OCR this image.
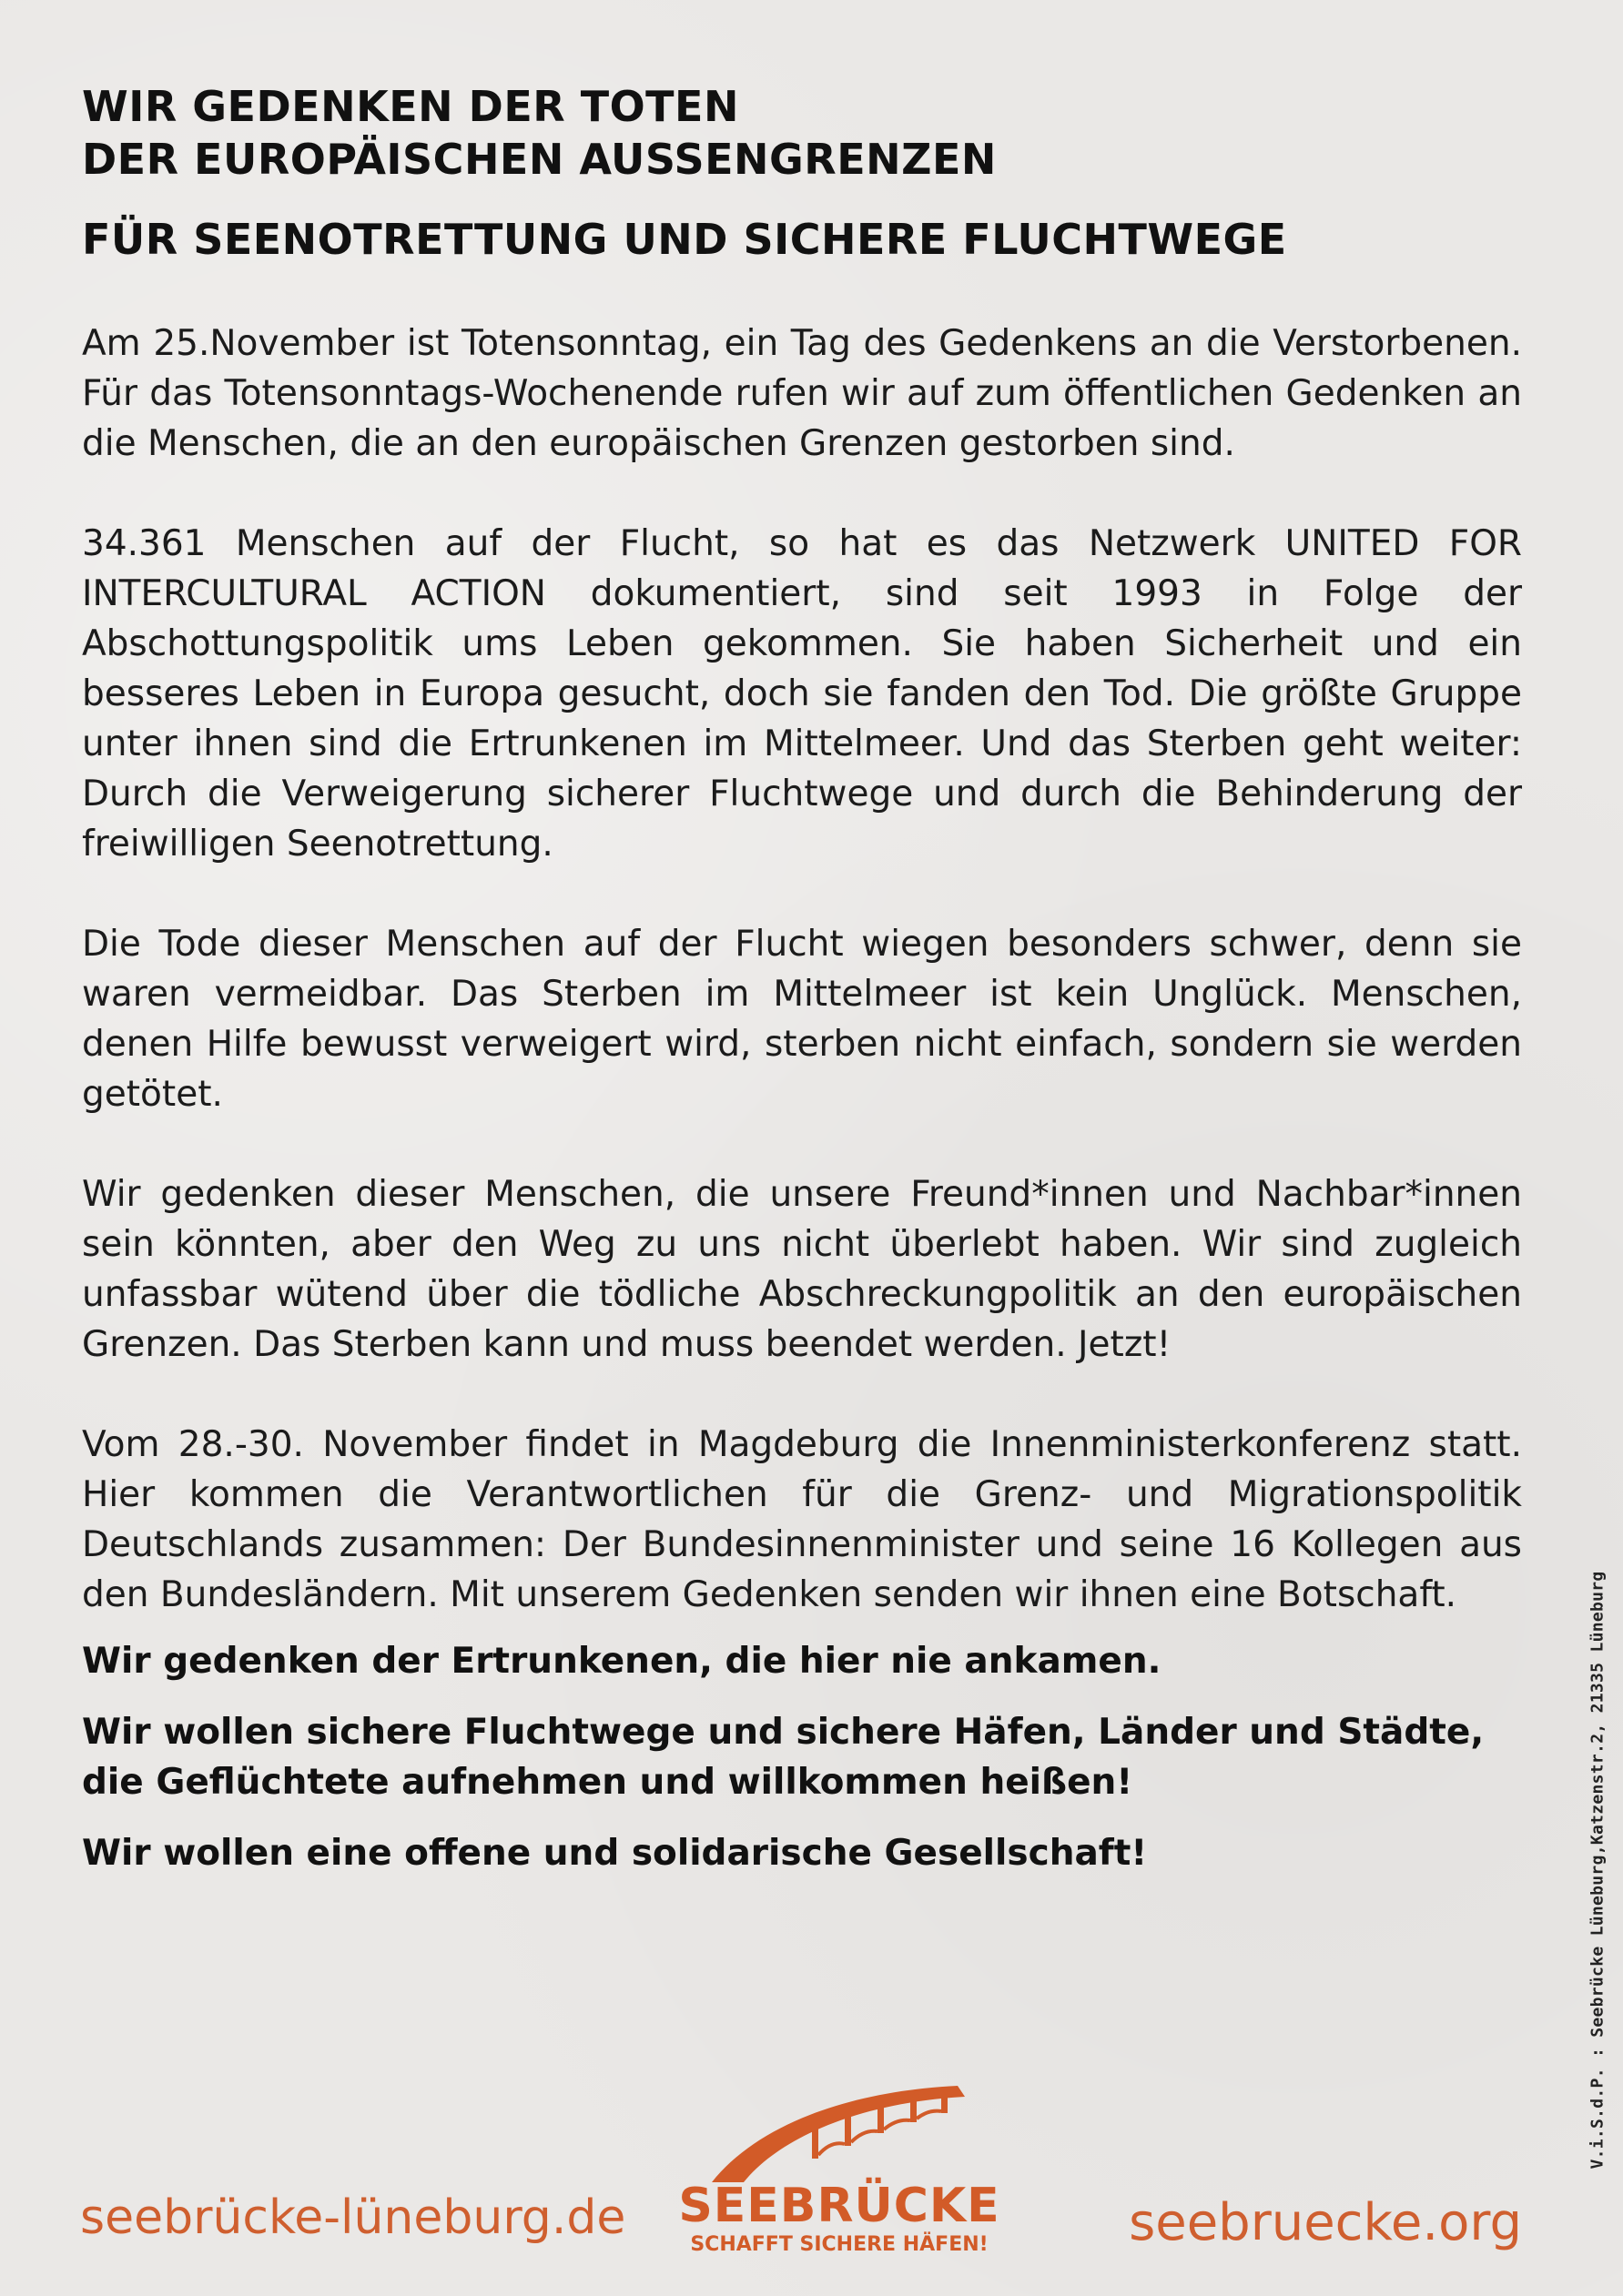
WIR GEDENKEN DER TOTEN
DER EUROPÄISCHEN AUSSENGRENZEN
FÜR SEENOTRETTUNG UND SICHERE FLUCHTWEGE

Am 25.November ist Totensonntag, ein Tag des Gedenkens an die Verstorbenen. Für das Totensonntags-Wochenende rufen wir auf zum öffentlichen Gedenken an die Menschen, die an den europäischen Grenzen gestorben sind.

34.361 Menschen auf der Flucht, so hat es das Netzwerk UNITED FOR INTERCULTURAL ACTION dokumentiert, sind seit 1993 in Folge der Abschottungspolitik ums Leben gekommen. Sie haben Sicherheit und ein besseres Leben in Europa gesucht, doch sie fanden den Tod. Die größte Gruppe unter ihnen sind die Ertrunkenen im Mittelmeer. Und das Sterben geht weiter: Durch die Verweigerung sicherer Fluchtwege und durch die Behinderung der freiwilligen Seenotrettung.

Die Tode dieser Menschen auf der Flucht wiegen besonders schwer, denn sie waren vermeidbar. Das Sterben im Mittelmeer ist kein Unglück. Menschen, denen Hilfe bewusst verweigert wird, sterben nicht einfach, sondern sie werden getötet.

Wir gedenken dieser Menschen, die unsere Freund*innen und Nachbar*innen sein könnten, aber den Weg zu uns nicht überlebt haben. Wir sind zugleich unfassbar wütend über die tödliche Abschreckungpolitik an den europäischen Grenzen. Das Sterben kann und muss beendet werden. Jetzt!

Vom 28.-30. November findet in Magdeburg die Innenministerkonferenz statt. Hier kommen die Verantwortlichen für die Grenz- und Migrationspolitik Deutschlands zusammen: Der Bundesinnenminister und seine 16 Kollegen aus den Bundesländern. Mit unserem Gedenken senden wir ihnen eine Botschaft.

Wir gedenken der Ertrunkenen, die hier nie ankamen.

Wir wollen sichere Fluchtwege und sichere Häfen, Länder und Städte, die Geflüchtete aufnehmen und willkommen heißen!

Wir wollen eine offene und solidarische Gesellschaft!	V.i.S.d.P. : Seebrücke Lüneburg,Katzenstr.2, 21335 Lüneburg
seebrücke-lüneburg.de SEEBRÜCKE
SCHAFFT SICHERE HÄFEN!	seebruecke.org
